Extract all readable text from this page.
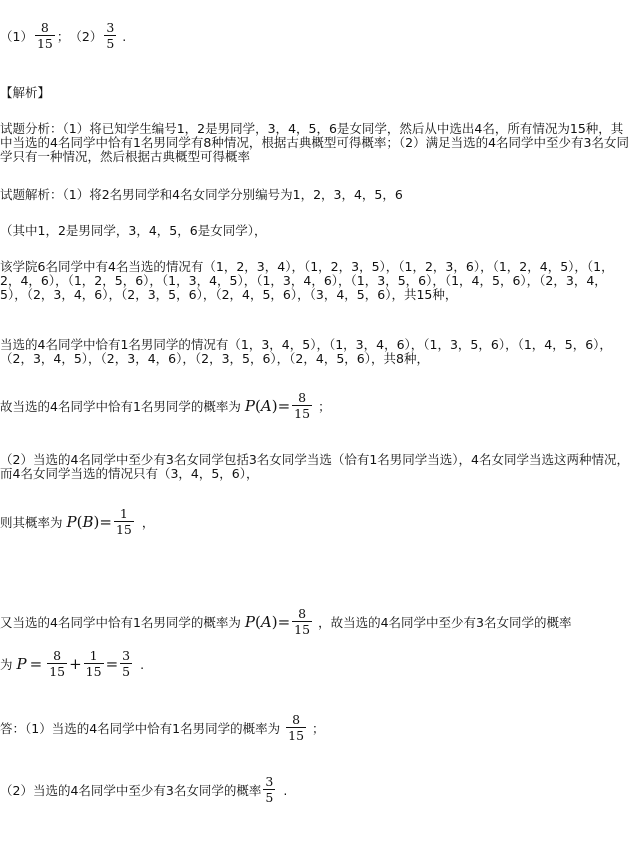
$(1) \frac{8}{15}$ ； $(2) \frac{3}{5}$ .
【解析】
试题分析：（1）将已知学生编号1，2是男同学，3，4，5，6是女同学，然后从中选出4名，所有情况为15种，其中当选的4名同学中恰有1名男同学有8种情况，根据古典概型可得概率；（2）满足当选的4名同学中至少有3名女同学只有一种情况，然后根据古典概型可得概率
试题解析：（1）将2名男同学和4名女同学分别编号为1，2，3，4，5，6
（其中1，2是男同学，3，4，5，6是女同学），
该学院6名同学中有4名当选的情况有（1，2，3，4），（1，2，3，5），（1，2，3，6），（1，2，4，5），（1，2，4，6），（1，2，5，6），（1，3，4，5），（1，3，4，6），（1，3，5，6），（1，4，5，6），（2，3，4，5），（2，3，4，6），（2，3，5，6），（2，4，5，6），（3，4，5，6），共15种，
当选的4名同学中恰有1名男同学的情况有（1，3，4，5），（1，3，4，6），（1，3，5，6），（1，4，5，6），（2，3，4，5），（2，3，4，6），（2，3，5，6），（2，4，5，6），共8种，
故当选的4名同学中恰有1名男同学的概率为 $P(A)= \frac{8}{15}$ ；
（2）当选的4名同学中至少有3名女同学包括3名女同学当选（恰有1名男同学当选），4名女同学当选这两种情况，而4名女同学当选的情况只有（3，4，5，6），
则其概率为 $P(B)= \frac{1}{15}$ ，
又当选的4名同学中恰有1名男同学的概率为 $P(A)= \frac{8}{15}$ ，故当选的4名同学中至少有3名女同学的概率
为 $P = \frac{8}{15} + \frac{1}{15} = \frac{3}{5}$ .
答：（1）当选的4名同学中恰有1名男同学的概率为 $\frac{8}{15}$ ；
（2）当选的4名同学中至少有3名女同学的概率 $\frac{3}{5}$ .
